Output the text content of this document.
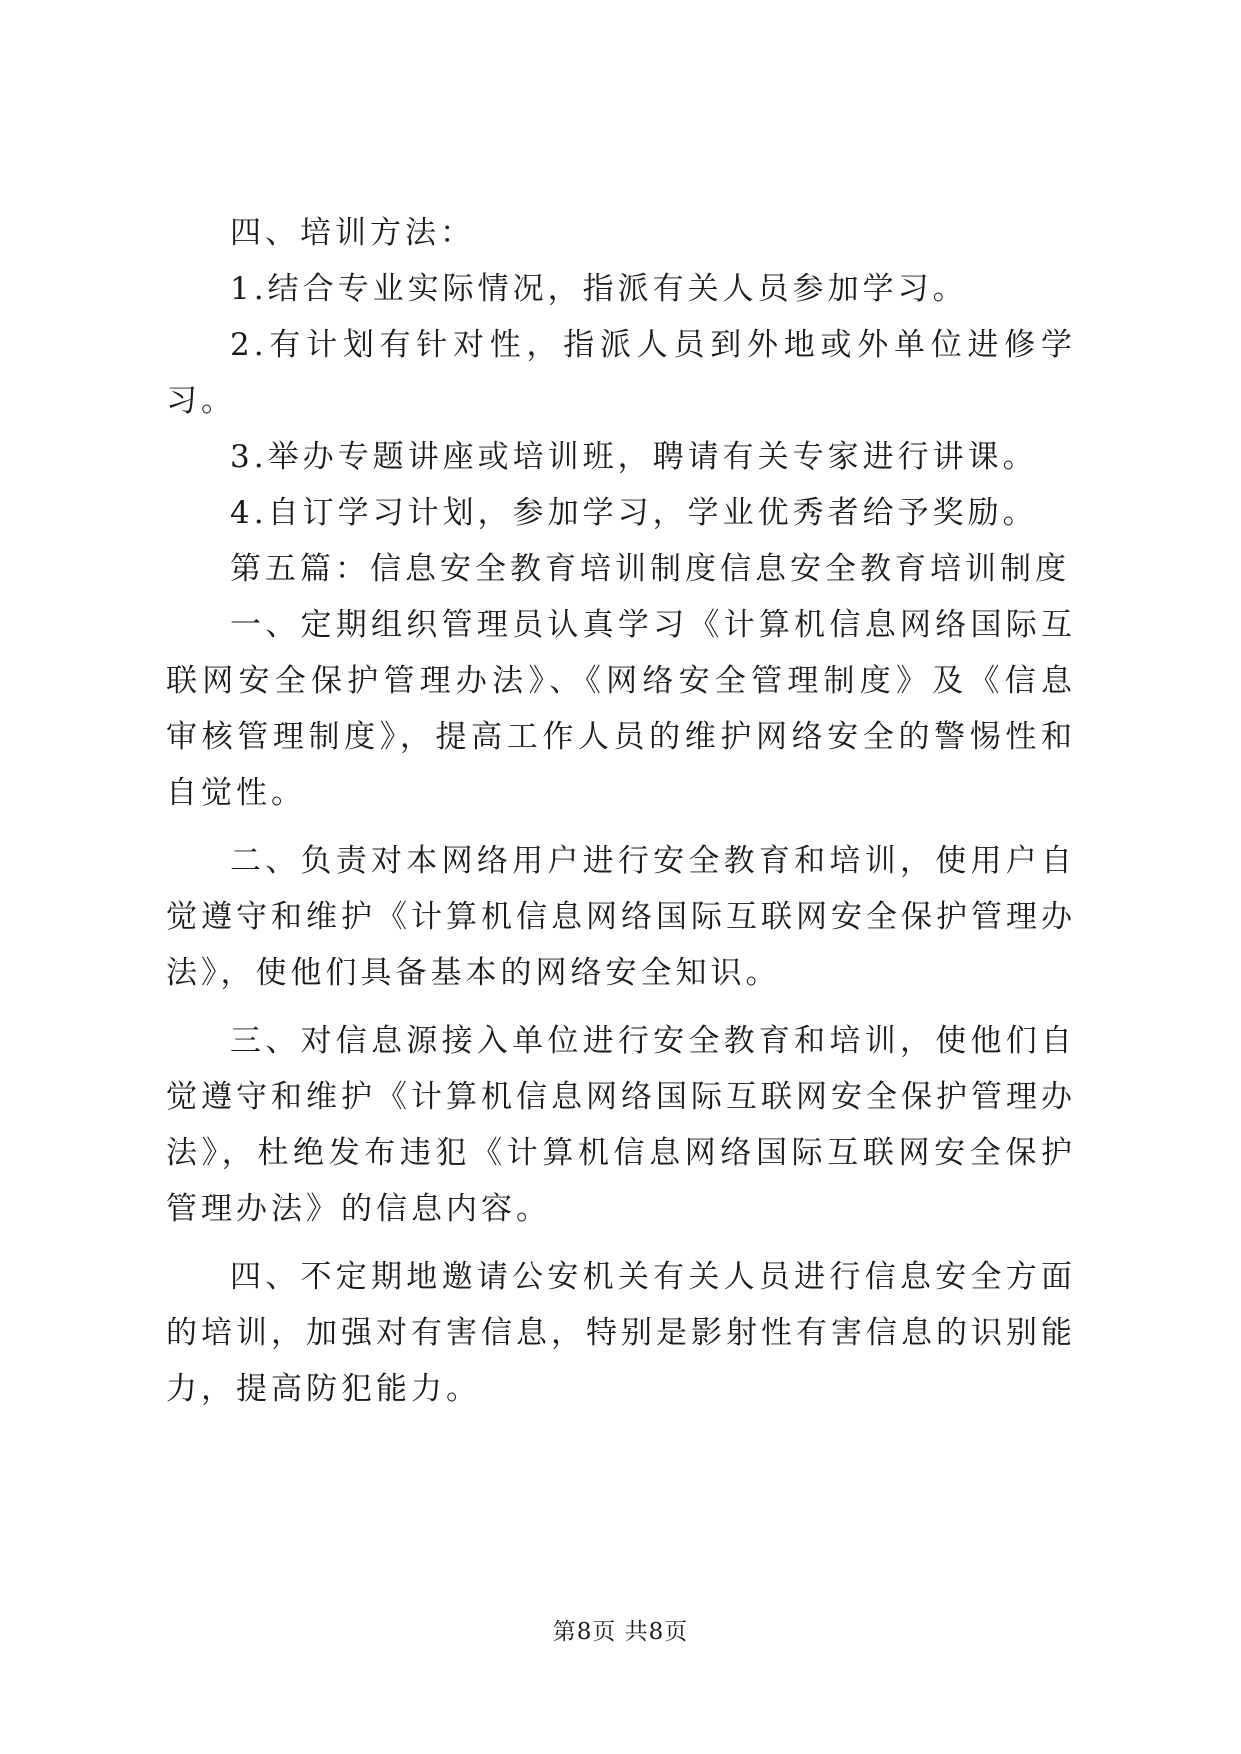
四、培训方法：

1.结合专业实际情况，指派有关人员参加学习。

2.有计划有针对性，指派人员到外地或外单位进修学习。

3.举办专题讲座或培训班，聘请有关专家进行讲课。

4.自订学习计划，参加学习，学业优秀者给予奖励。

第五篇：信息安全教育培训制度信息安全教育培训制度

一、定期组织管理员认真学习《计算机信息网络国际互联网安全保护管理办法》、《网络安全管理制度》及《信息审核管理制度》，提高工作人员的维护网络安全的警惕性和自觉性。

二、负责对本网络用户进行安全教育和培训，使用户自觉遵守和维护《计算机信息网络国际互联网安全保护管理办法》，使他们具备基本的网络安全知识。

三、对信息源接入单位进行安全教育和培训，使他们自觉遵守和维护《计算机信息网络国际互联网安全保护管理办法》，杜绝发布违犯《计算机信息网络国际互联网安全保护管理办法》的信息内容。

四、不定期地邀请公安机关有关人员进行信息安全方面的培训，加强对有害信息，特别是影射性有害信息的识别能力，提高防犯能力。

第8页 共8页
